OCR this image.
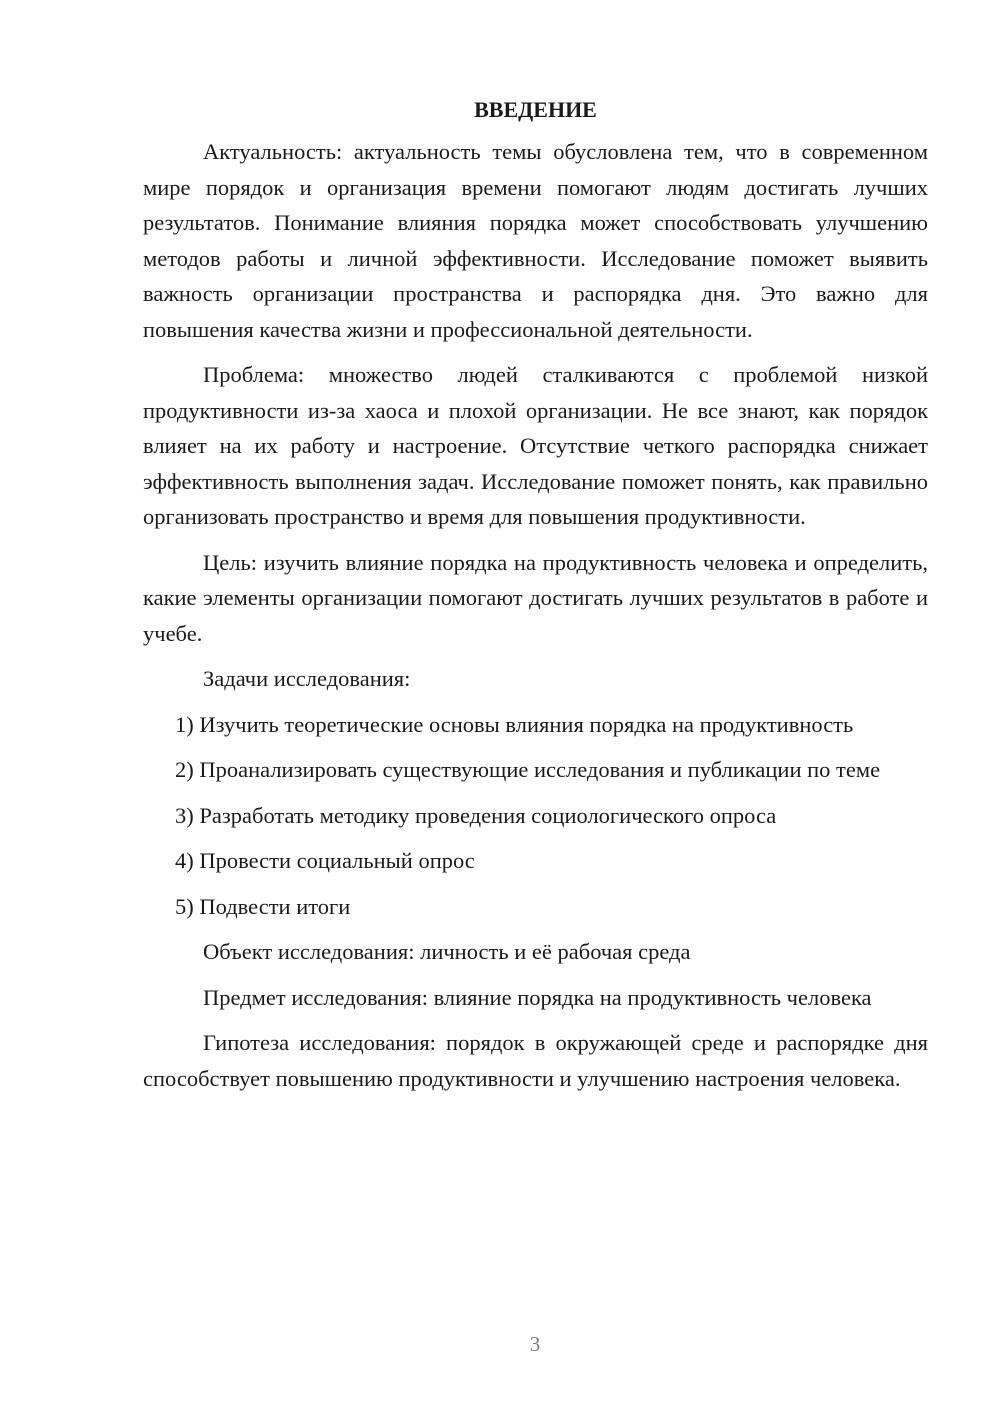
ВВЕДЕНИЕ

Актуальность: актуальность темы обусловлена тем, что в современном мире порядок и организация времени помогают людям достигать лучших результатов. Понимание влияния порядка может способствовать улучшению методов работы и личной эффективности. Исследование поможет выявить важность организации пространства и распорядка дня. Это важно для повышения качества жизни и профессиональной деятельности.

Проблема: множество людей сталкиваются с проблемой низкой продуктивности из-за хаоса и плохой организации. Не все знают, как порядок влияет на их работу и настроение. Отсутствие четкого распорядка снижает эффективность выполнения задач. Исследование поможет понять, как правильно организовать пространство и время для повышения продуктивности.

Цель: изучить влияние порядка на продуктивность человека и определить, какие элементы организации помогают достигать лучших результатов в работе и учебе.

Задачи исследования:

1) Изучить теоретические основы влияния порядка на продуктивность

2) Проанализировать существующие исследования и публикации по теме

3) Разработать методику проведения социологического опроса

4) Провести социальный опрос

5) Подвести итоги

Объект исследования: личность и её рабочая среда

Предмет исследования: влияние порядка на продуктивность человека

Гипотеза исследования: порядок в окружающей среде и распорядке дня способствует повышению продуктивности и улучшению настроения человека.

3
